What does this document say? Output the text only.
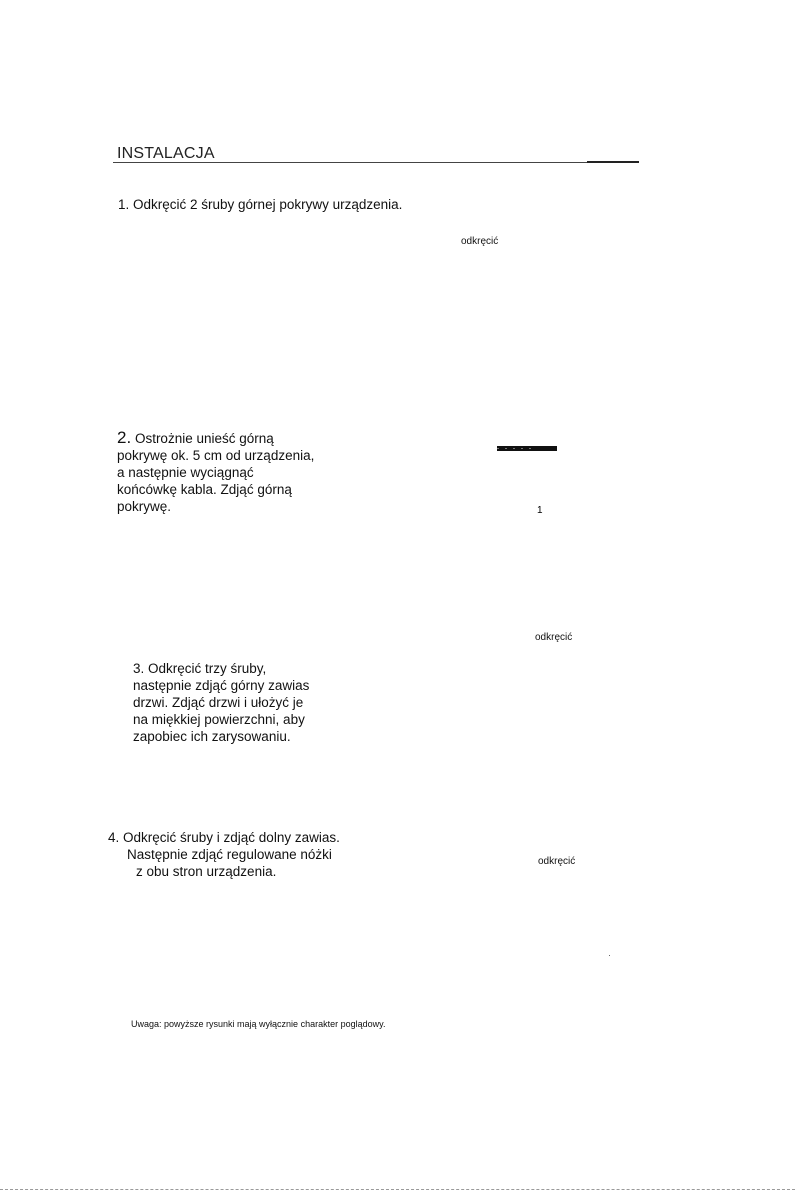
INSTALACJA
1. Odkręcić 2 śruby górnej pokrywy urządzenia.
odkręcić
2. Ostrożnie unieść górną
pokrywę ok. 5 cm od urządzenia,
a następnie wyciągnąć
końcówkę kabla. Zdjąć górną
pokrywę.	1
odkręcić
3. Odkręcić trzy śruby,
następnie zdjąć górny zawias
drzwi. Zdjąć drzwi i ułożyć je
na miękkiej powierzchni, aby
zapobiec ich zarysowaniu.
4. Odkręcić śruby i zdjąć dolny zawias.
Następnie zdjąć regulowane nóżki
z obu stron urządzenia.
odkręcić
Uwaga: powyższe rysunki mają wyłącznie charakter poglądowy.
